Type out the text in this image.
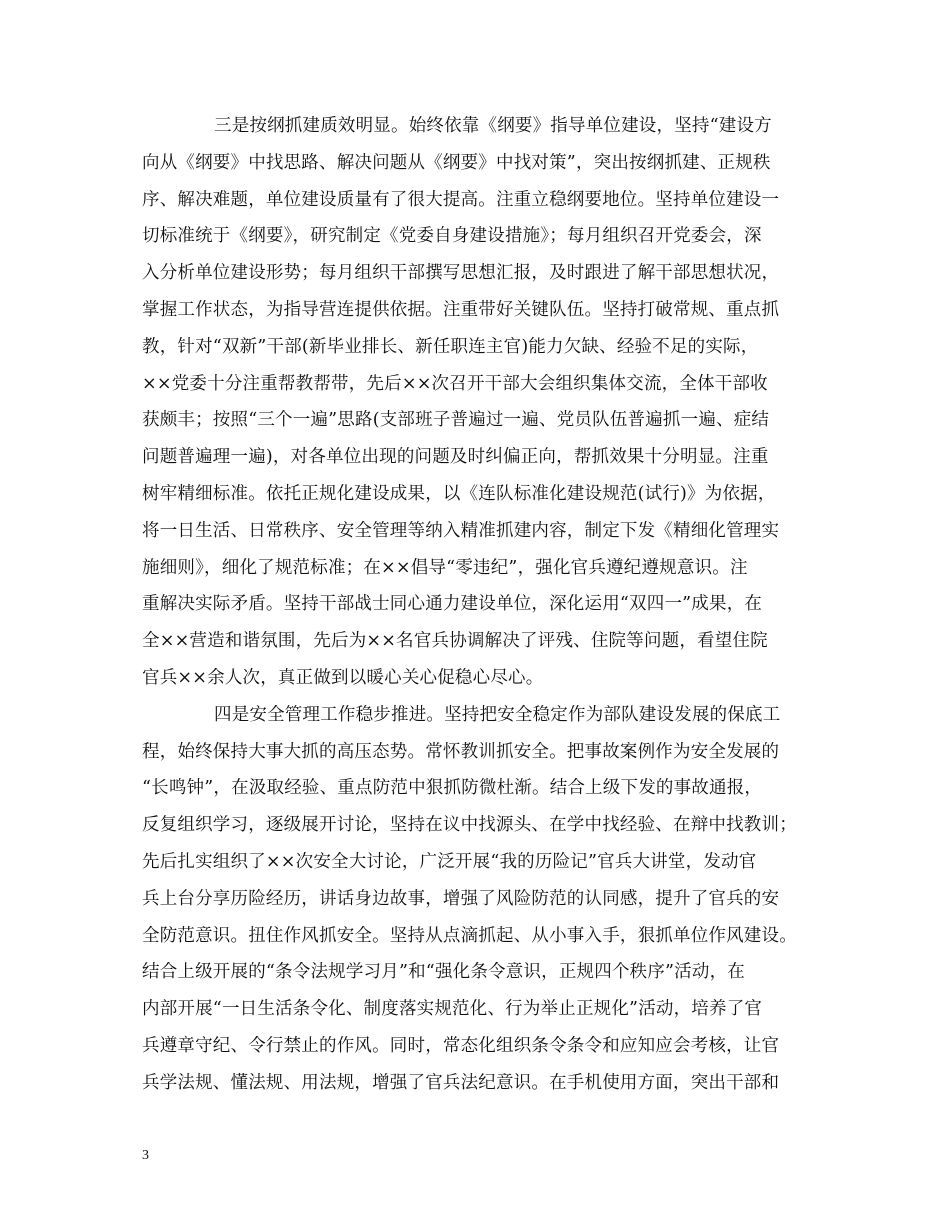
三是按纲抓建质效明显。始终依靠《纲要》指导单位建设，坚持“建设方
向从《纲要》中找思路、解决问题从《纲要》中找对策”，突出按纲抓建、正规秩
序、解决难题，单位建设质量有了很大提高。注重立稳纲要地位。坚持单位建设一
切标准统于《纲要》，研究制定《党委自身建设措施》；每月组织召开党委会，深
入分析单位建设形势；每月组织干部撰写思想汇报，及时跟进了解干部思想状况，
掌握工作状态，为指导营连提供依据。注重带好关键队伍。坚持打破常规、重点抓
教，针对“双新”干部(新毕业排长、新任职连主官)能力欠缺、经验不足的实际，
××党委十分注重帮教帮带，先后××次召开干部大会组织集体交流，全体干部收
获颇丰；按照“三个一遍”思路(支部班子普遍过一遍、党员队伍普遍抓一遍、症结
问题普遍理一遍)，对各单位出现的问题及时纠偏正向，帮抓效果十分明显。注重
树牢精细标准。依托正规化建设成果，以《连队标准化建设规范(试行)》为依据，
将一日生活、日常秩序、安全管理等纳入精准抓建内容，制定下发《精细化管理实
施细则》，细化了规范标准；在××倡导“零违纪”，强化官兵遵纪遵规意识。注
重解决实际矛盾。坚持干部战士同心通力建设单位，深化运用“双四一”成果，在
全××营造和谐氛围，先后为××名官兵协调解决了评残、住院等问题，看望住院
官兵××余人次，真正做到以暖心关心促稳心尽心。

四是安全管理工作稳步推进。坚持把安全稳定作为部队建设发展的保底工
程，始终保持大事大抓的高压态势。常怀教训抓安全。把事故案例作为安全发展的
“长鸣钟”，在汲取经验、重点防范中狠抓防微杜渐。结合上级下发的事故通报，
反复组织学习，逐级展开讨论，坚持在议中找源头、在学中找经验、在辩中找教训；
先后扎实组织了××次安全大讨论，广泛开展“我的历险记”官兵大讲堂，发动官
兵上台分享历险经历，讲话身边故事，增强了风险防范的认同感，提升了官兵的安
全防范意识。扭住作风抓安全。坚持从点滴抓起、从小事入手，狠抓单位作风建设。
结合上级开展的“条令法规学习月”和“强化条令意识，正规四个秩序”活动，在
内部开展“一日生活条令化、制度落实规范化、行为举止正规化”活动，培养了官
兵遵章守纪、令行禁止的作风。同时，常态化组织条令条令和应知应会考核，让官
兵学法规、懂法规、用法规，增强了官兵法纪意识。在手机使用方面，突出干部和

3
